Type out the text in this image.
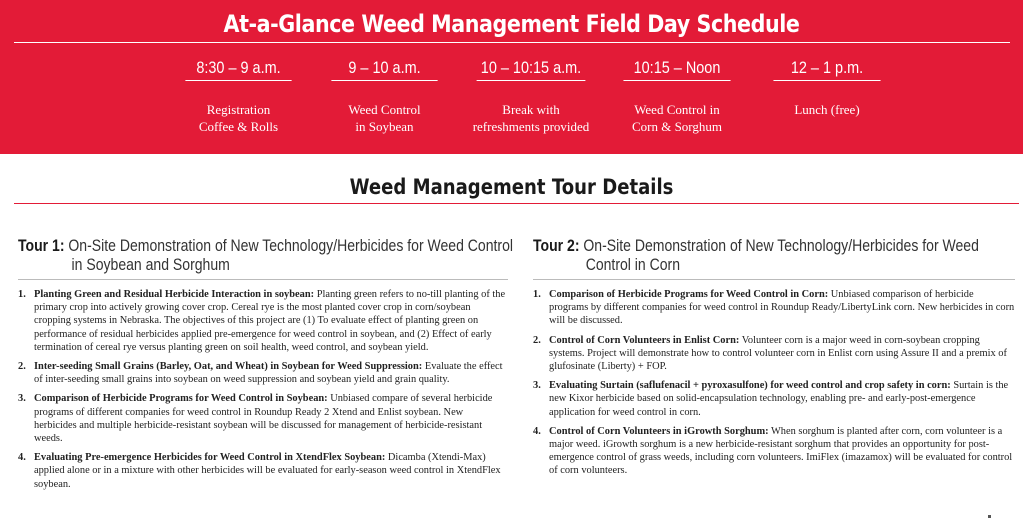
At-a-Glance Weed Management Field Day Schedule
8:30 – 9 a.m.
Registration
Coffee & Rolls
9 – 10 a.m.
Weed Control
in Soybean
10 – 10:15 a.m.
Break with
refreshments provided
10:15 – Noon
Weed Control in
Corn & Sorghum
12 – 1 p.m.
Lunch (free)
Weed Management Tour Details
Tour 1: On-Site Demonstration of New Technology/Herbicides for Weed Control
in Soybean and Sorghum
1. Planting Green and Residual Herbicide Interaction in soybean: Planting green refers to no-till planting of the primary crop into actively growing cover crop. Cereal rye is the most planted cover crop in corn/soybean cropping systems in Nebraska. The objectives of this project are (1) To evaluate effect of planting green on performance of residual herbicides applied pre-emergence for weed control in soybean, and (2) Effect of early termination of cereal rye versus planting green on soil health, weed control, and soybean yield.
2. Inter-seeding Small Grains (Barley, Oat, and Wheat) in Soybean for Weed Suppression: Evaluate the effect of inter-seeding small grains into soybean on weed suppression and soybean yield and grain quality.
3. Comparison of Herbicide Programs for Weed Control in Soybean: Unbiased compare of several herbicide programs of different companies for weed control in Roundup Ready 2 Xtend and Enlist soybean. New herbicides and multiple herbicide-resistant soybean will be discussed for management of herbicide-resistant weeds.
4. Evaluating Pre-emergence Herbicides for Weed Control in XtendFlex Soybean: Dicamba (Xtendi-Max) applied alone or in a mixture with other herbicides will be evaluated for early-season weed control in XtendFlex soybean.
Tour 2: On-Site Demonstration of New Technology/Herbicides for Weed
Control in Corn
1. Comparison of Herbicide Programs for Weed Control in Corn: Unbiased comparison of herbicide programs by different companies for weed control in Roundup Ready/LibertyLink corn. New herbicides in corn will be discussed.
2. Control of Corn Volunteers in Enlist Corn: Volunteer corn is a major weed in corn-soybean cropping systems. Project will demonstrate how to control volunteer corn in Enlist corn using Assure II and a premix of glufosinate (Liberty) + FOP.
3. Evaluating Surtain (saflufenacil + pyroxasulfone) for weed control and crop safety in corn: Surtain is the new Kixor herbicide based on solid-encapsulation technology, enabling pre- and early-post-emergence application for weed control in corn.
4. Control of Corn Volunteers in iGrowth Sorghum: When sorghum is planted after corn, corn volunteer is a major weed. iGrowth sorghum is a new herbicide-resistant sorghum that provides an opportunity for post-emergence control of grass weeds, including corn volunteers. ImiFlex (imazamox) will be evaluated for control of corn volunteers.
